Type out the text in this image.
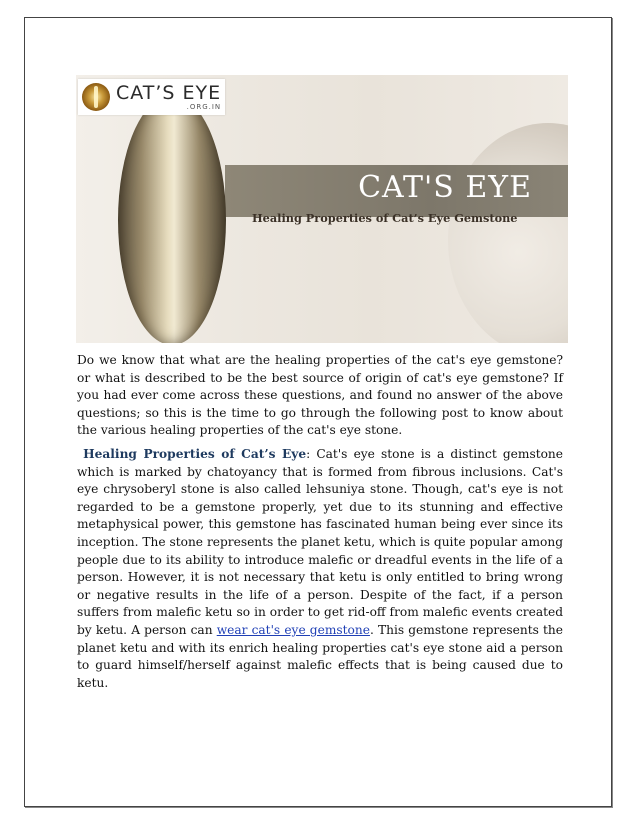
CAT'S EYE
Healing Properties of Cat’s Eye Gemstone
CAT’S EYE
.ORG.IN

Do we know that what are the healing properties of the cat's eye gemstone? or what is described to be the best source of origin of cat's eye gemstone? If you had ever come across these questions, and found no answer of the above questions; so this is the time to go through the following post to know about the various healing properties of the cat's eye stone.

Healing Properties of Cat’s Eye: Cat's eye stone is a distinct gemstone which is marked by chatoyancy that is formed from fibrous inclusions. Cat's eye chrysoberyl stone is also called lehsuniya stone. Though, cat's eye is not regarded to be a gemstone properly, yet due to its stunning and effective metaphysical power, this gemstone has fascinated human being ever since its inception. The stone represents the planet ketu, which is quite popular among people due to its ability to introduce malefic or dreadful events in the life of a person. However, it is not necessary that ketu is only entitled to bring wrong or negative results in the life of a person. Despite of the fact, if a person suffers from malefic ketu so in order to get rid-off from malefic events created by ketu. A person can wear cat's eye gemstone. This gemstone represents the planet ketu and with its enrich healing properties cat's eye stone aid a person to guard himself/herself against malefic effects that is being caused due to ketu.
